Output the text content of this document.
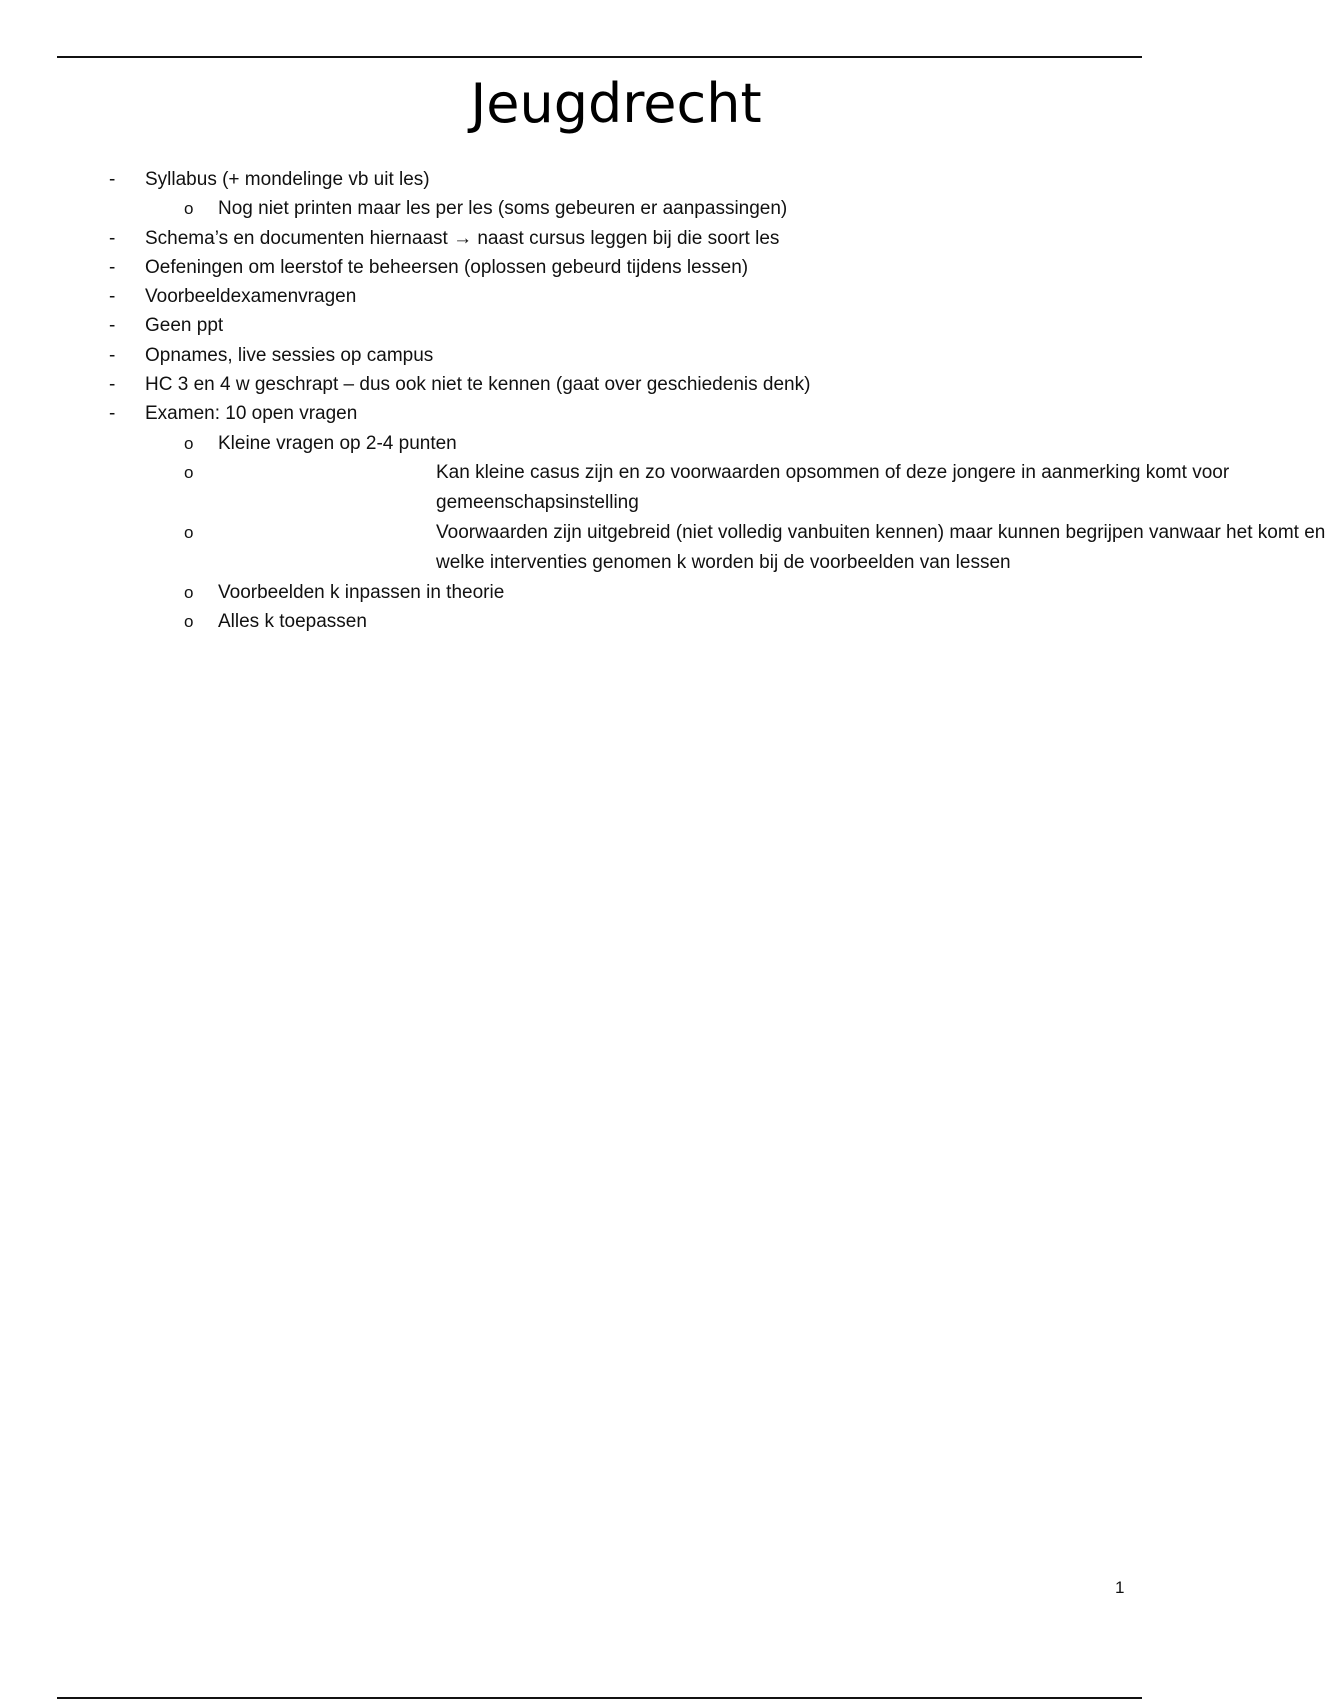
Jeugdrecht
- Syllabus (+ mondelinge vb uit les)
o Nog niet printen maar les per les (soms gebeuren er aanpassingen)
- Schema’s en documenten hiernaast → naast cursus leggen bij die soort les
- Oefeningen om leerstof te beheersen (oplossen gebeurd tijdens lessen)
- Voorbeeldexamenvragen
- Geen ppt
- Opnames, live sessies op campus
- HC 3 en 4 w geschrapt – dus ook niet te kennen (gaat over geschiedenis denk)
- Examen: 10 open vragen
o Kleine vragen op 2-4 punten
o	Kan kleine casus zijn en zo voorwaarden opsommen of deze jongere in aanmerking komt voor gemeenschapsinstelling
o	Voorwaarden zijn uitgebreid (niet volledig vanbuiten kennen) maar kunnen begrijpen vanwaar het komt en welke interventies genomen k worden bij de voorbeelden van lessen
o Voorbeelden k inpassen in theorie
o Alles k toepassen
1
